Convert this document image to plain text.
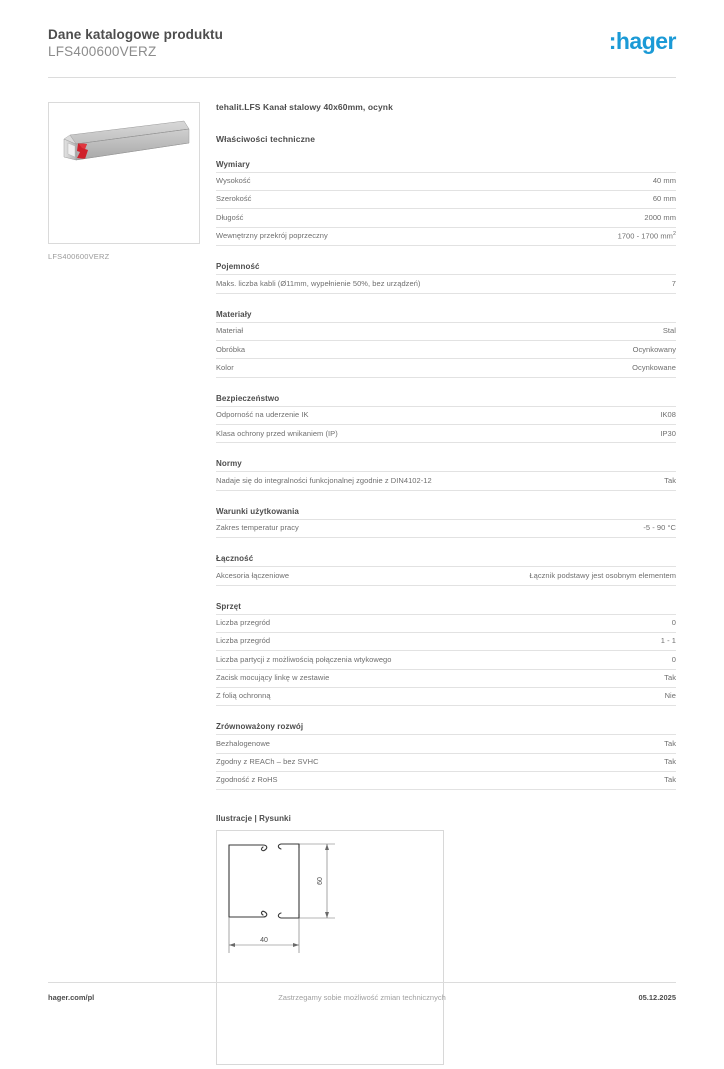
Dane katalogowe produktu
LFS400600VERZ	:hager
LFS400600VERZ
tehalit.LFS Kanał stalowy 40x60mm, ocynk
Właściwości techniczne
Wymiary
Wysokość	40 mm
Szerokość	60 mm
Długość	2000 mm
Wewnętrzny przekrój poprzeczny	1700 - 1700 $mm^2$
Pojemność
Maks. liczba kabli (Ø11mm, wypełnienie 50%, bez urządzeń)	7
Materiały
Materiał	Stal
Obróbka	Ocynkowany
Kolor	Ocynkowane
Bezpieczeństwo
Odporność na uderzenie IK	IK08
Klasa ochrony przed wnikaniem (IP)	IP30
Normy
Nadaje się do integralności funkcjonalnej zgodnie z DIN4102-12	Tak
Warunki użytkowania
Zakres temperatur pracy	-5 - 90 °C
Łączność
Akcesoria łączeniowe	Łącznik podstawy jest osobnym elementem
Sprzęt
Liczba przegród	0
Liczba przegród	1 - 1
Liczba partycji z możliwością połączenia wtykowego	0
Zacisk mocujący linkę w zestawie	Tak
Z folią ochronną	Nie
Zrównoważony rozwój
Bezhalogenowe	Tak
Zgodny z REACh – bez SVHC	Tak
Zgodność z RoHS	Tak
Ilustracje | Rysunki
60
40
hager.com/pl	Zastrzegamy sobie możliwość zmian technicznych	05.12.2025
